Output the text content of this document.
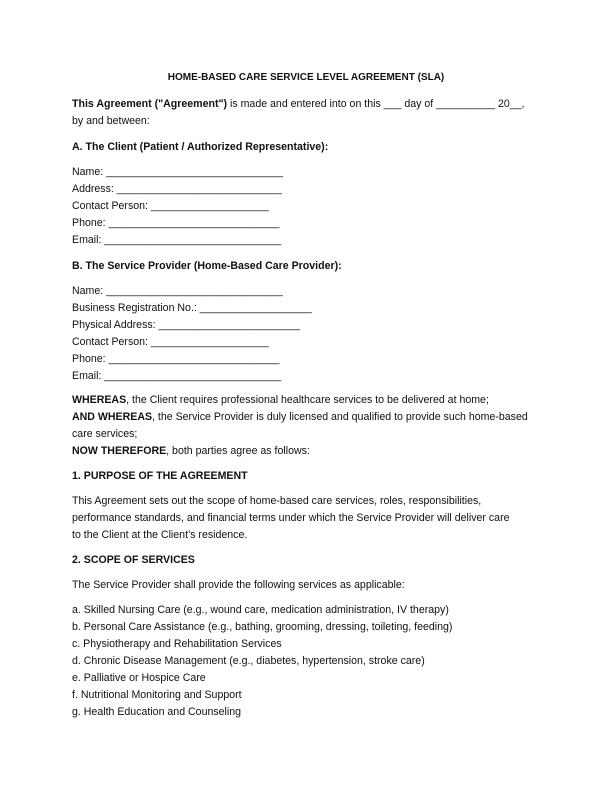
HOME-BASED CARE SERVICE LEVEL AGREEMENT (SLA)
This Agreement ("Agreement") is made and entered into on this ___ day of __________ 20__,
by and between:
A. The Client (Patient / Authorized Representative):
Name: ______________________________
Address: ____________________________
Contact Person: ____________________
Phone: _____________________________
Email: ______________________________
B. The Service Provider (Home-Based Care Provider):
Name: ______________________________
Business Registration No.: ___________________
Physical Address: ________________________
Contact Person: ____________________
Phone: _____________________________
Email: ______________________________
WHEREAS, the Client requires professional healthcare services to be delivered at home;
AND WHEREAS, the Service Provider is duly licensed and qualified to provide such home-based
care services;
NOW THEREFORE, both parties agree as follows:
1. PURPOSE OF THE AGREEMENT
This Agreement sets out the scope of home-based care services, roles, responsibilities,
performance standards, and financial terms under which the Service Provider will deliver care
to the Client at the Client’s residence.
2. SCOPE OF SERVICES
The Service Provider shall provide the following services as applicable:
a. Skilled Nursing Care (e.g., wound care, medication administration, IV therapy)
b. Personal Care Assistance (e.g., bathing, grooming, dressing, toileting, feeding)
c. Physiotherapy and Rehabilitation Services
d. Chronic Disease Management (e.g., diabetes, hypertension, stroke care)
e. Palliative or Hospice Care
f. Nutritional Monitoring and Support
g. Health Education and Counseling
